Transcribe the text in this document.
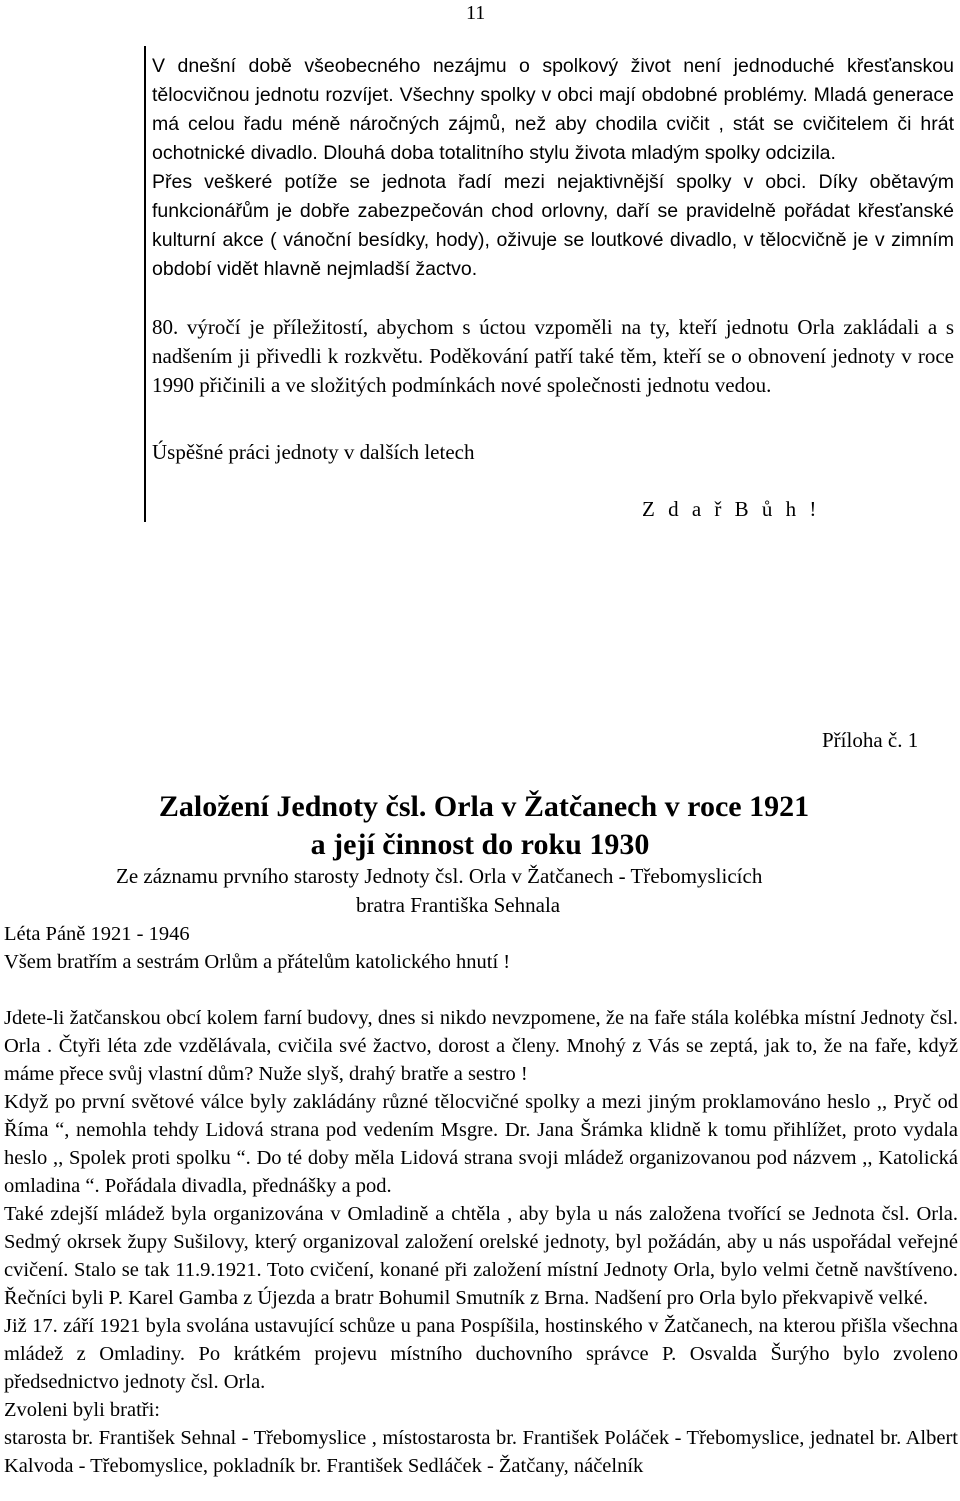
11

V dnešní době všeobecného nezájmu o spolkový život není jednoduché křesťanskou tělocvičnou jednotu rozvíjet. Všechny spolky v obci mají obdobné problémy. Mladá generace má celou řadu méně náročných zájmů, než aby chodila cvičit , stát se cvičitelem či hrát ochotnické divadlo. Dlouhá doba totalitního stylu života mladým spolky odcizila.

Přes veškeré potíže se jednota řadí mezi nejaktivnější spolky v obci. Díky obětavým funkcionářům je dobře zabezpečován chod orlovny, daří se pravidelně pořádat křesťanské kulturní akce ( vánoční besídky, hody), oživuje se loutkové divadlo, v tělocvičně je v zimním období vidět hlavně nejmladší žactvo.

80. výročí je příležitostí, abychom s úctou vzpoměli na ty, kteří jednotu Orla zakládali a s nadšením ji přivedli k rozkvětu. Poděkování patří také těm, kteří se o obnovení jednoty v roce 1990 přičinili a ve složitých podmínkách nové společnosti jednotu vedou.

Úspěšné práci jednoty v dalších letech

Z d a ř B ů h !
Příloha č. 1
Založení Jednoty čsl. Orla v Žatčanech v roce 1921
a její činnost do roku 1930
Ze záznamu prvního starosty Jednoty čsl. Orla v Žatčanech - Třebomyslicích
bratra Františka Sehnala

Léta Páně 1921 - 1946

Všem bratřím a sestrám Orlům a přátelům katolického hnutí !

Jdete-li žatčanskou obcí kolem farní budovy, dnes si nikdo nevzpomene, že na faře stála kolébka místní Jednoty čsl. Orla . Čtyři léta zde vzdělávala, cvičila své žactvo, dorost a členy. Mnohý z Vás se zeptá, jak to, že na faře, když máme přece svůj vlastní dům? Nuže slyš, drahý bratře a sestro !

Když po první světové válce byly zakládány různé tělocvičné spolky a mezi jiným proklamováno heslo ,, Pryč od Říma “, nemohla tehdy Lidová strana pod vedením Msgre. Dr. Jana Šrámka klidně k tomu přihlížet, proto vydala heslo ,, Spolek proti spolku “. Do té doby měla Lidová strana svoji mládež organizovanou pod názvem ,, Katolická omladina “. Pořádala divadla, přednášky a pod.

Také zdejší mládež byla organizována v Omladině a chtěla , aby byla u nás založena tvořící se Jednota čsl. Orla. Sedmý okrsek župy Sušilovy, který organizoval založení orelské jednoty, byl požádán, aby u nás uspořádal veřejné cvičení. Stalo se tak 11.9.1921. Toto cvičení, konané při založení místní Jednoty Orla, bylo velmi četně navštíveno. Řečníci byli P. Karel Gamba z Újezda a bratr Bohumil Smutník z Brna. Nadšení pro Orla bylo překvapivě velké.

Již 17. září 1921 byla svolána ustavující schůze u pana Pospíšila, hostinského v Žatčanech, na kterou přišla všechna mládež z Omladiny. Po krátkém projevu místního duchovního správce P. Osvalda Šurýho bylo zvoleno předsednictvo jednoty čsl. Orla.

Zvoleni byli bratři:

starosta br. František Sehnal - Třebomyslice , místostarosta br. František Poláček - Třebomyslice, jednatel br. Albert Kalvoda - Třebomyslice, pokladník br. František Sedláček - Žatčany, náčelník
